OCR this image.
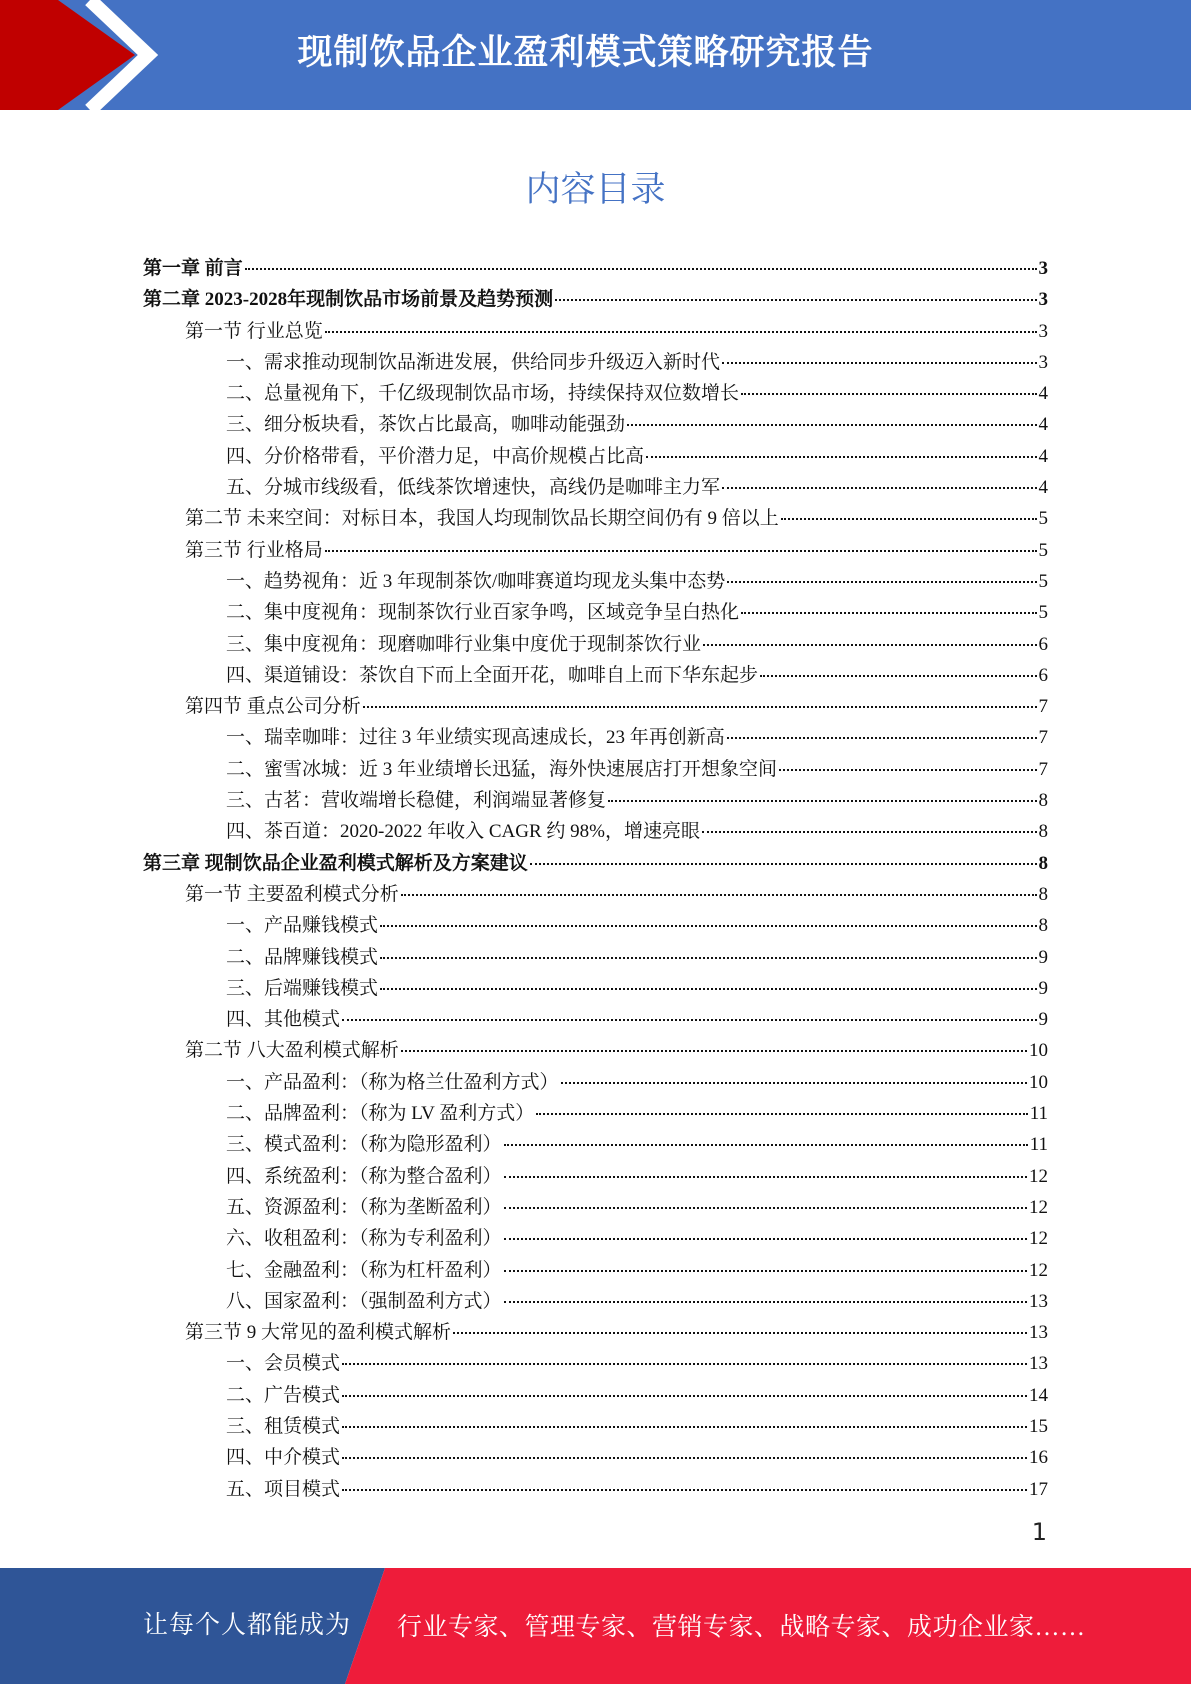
现制饮品企业盈利模式策略研究报告
内容目录
第一章 前言	3
第二章 2023-2028年现制饮品市场前景及趋势预测	3
第一节 行业总览	3
一、需求推动现制饮品渐进发展，供给同步升级迈入新时代	3
二、总量视角下，千亿级现制饮品市场，持续保持双位数增长	4
三、细分板块看，茶饮占比最高，咖啡动能强劲	4
四、分价格带看，平价潜力足，中高价规模占比高	4
五、分城市线级看，低线茶饮增速快，高线仍是咖啡主力军	4
第二节 未来空间：对标日本，我国人均现制饮品长期空间仍有 9 倍以上	5
第三节 行业格局	5
一、趋势视角：近 3 年现制茶饮/咖啡赛道均现龙头集中态势	5
二、集中度视角：现制茶饮行业百家争鸣，区域竞争呈白热化	5
三、集中度视角：现磨咖啡行业集中度优于现制茶饮行业	6
四、渠道铺设：茶饮自下而上全面开花，咖啡自上而下华东起步	6
第四节 重点公司分析	7
一、瑞幸咖啡：过往 3 年业绩实现高速成长，23 年再创新高	7
二、蜜雪冰城：近 3 年业绩增长迅猛，海外快速展店打开想象空间	7
三、古茗：营收端增长稳健，利润端显著修复	8
四、茶百道：2020-2022 年收入 CAGR 约 98%，增速亮眼	8
第三章 现制饮品企业盈利模式解析及方案建议	8
第一节 主要盈利模式分析	8
一、产品赚钱模式	8
二、品牌赚钱模式	9
三、后端赚钱模式	9
四、其他模式	9
第二节 八大盈利模式解析	10
一、产品盈利：（称为格兰仕盈利方式）	10
二、品牌盈利：（称为 LV 盈利方式）	11
三、模式盈利：（称为隐形盈利）	11
四、系统盈利：（称为整合盈利）	12
五、资源盈利：（称为垄断盈利）	12
六、收租盈利：（称为专利盈利）	12
七、金融盈利：（称为杠杆盈利）	12
八、国家盈利：（强制盈利方式）	13
第三节 9 大常见的盈利模式解析	13
一、会员模式	13
二、广告模式	14
三、租赁模式	15
四、中介模式	16
五、项目模式	17
1
让每个人都能成为 行业专家、管理专家、营销专家、战略专家、成功企业家……
